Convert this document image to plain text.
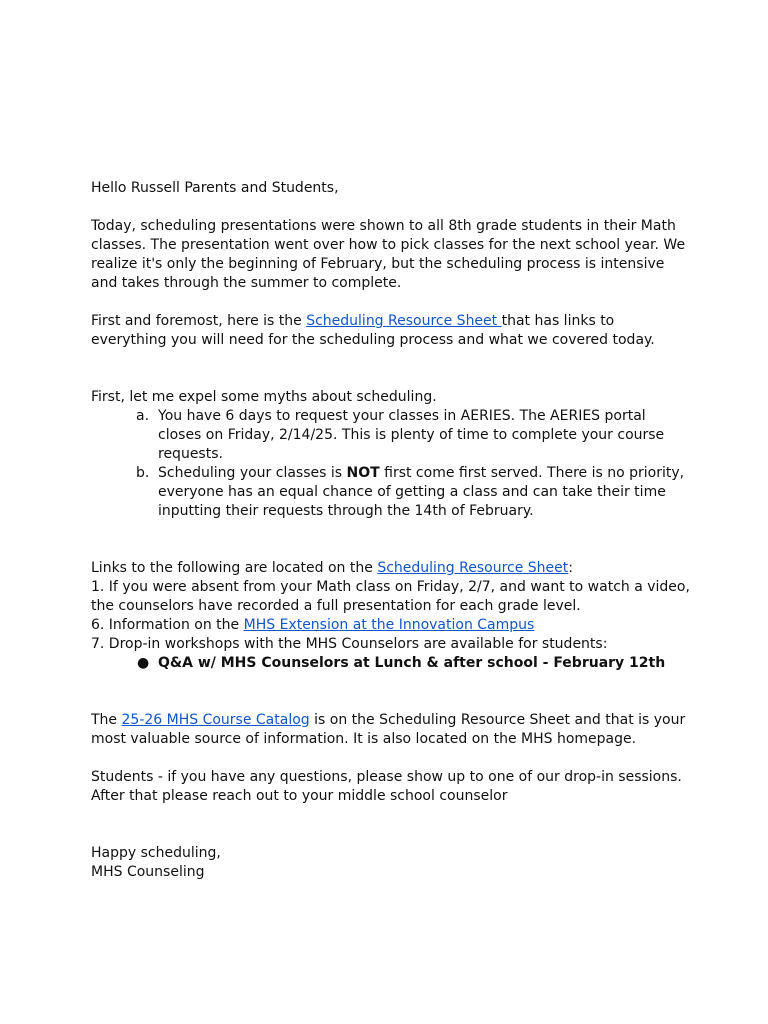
Hello Russell Parents and Students,

Today, scheduling presentations were shown to all 8th grade students in their Math classes. The presentation went over how to pick classes for the next school year. We realize it's only the beginning of February, but the scheduling process is intensive and takes through the summer to complete.

First and foremost, here is the Scheduling Resource Sheet that has links to everything you will need for the scheduling process and what we covered today.

First, let me expel some myths about scheduling.

a. You have 6 days to request your classes in AERIES. The AERIES portal closes on Friday, 2/14/25. This is plenty of time to complete your course requests.
b. Scheduling your classes is NOT first come first served. There is no priority, everyone has an equal chance of getting a class and can take their time inputting their requests through the 14th of February.

Links to the following are located on the Scheduling Resource Sheet:

1. If you were absent from your Math class on Friday, 2/7, and want to watch a video, the counselors have recorded a full presentation for each grade level.

6. Information on the MHS Extension at the Innovation Campus

7. Drop-in workshops with the MHS Counselors are available for students:

● Q&A w/ MHS Counselors at Lunch & after school - February 12th

The 25-26 MHS Course Catalog is on the Scheduling Resource Sheet and that is your most valuable source of information. It is also located on the MHS homepage.

Students - if you have any questions, please show up to one of our drop-in sessions. After that please reach out to your middle school counselor

Happy scheduling,

MHS Counseling
